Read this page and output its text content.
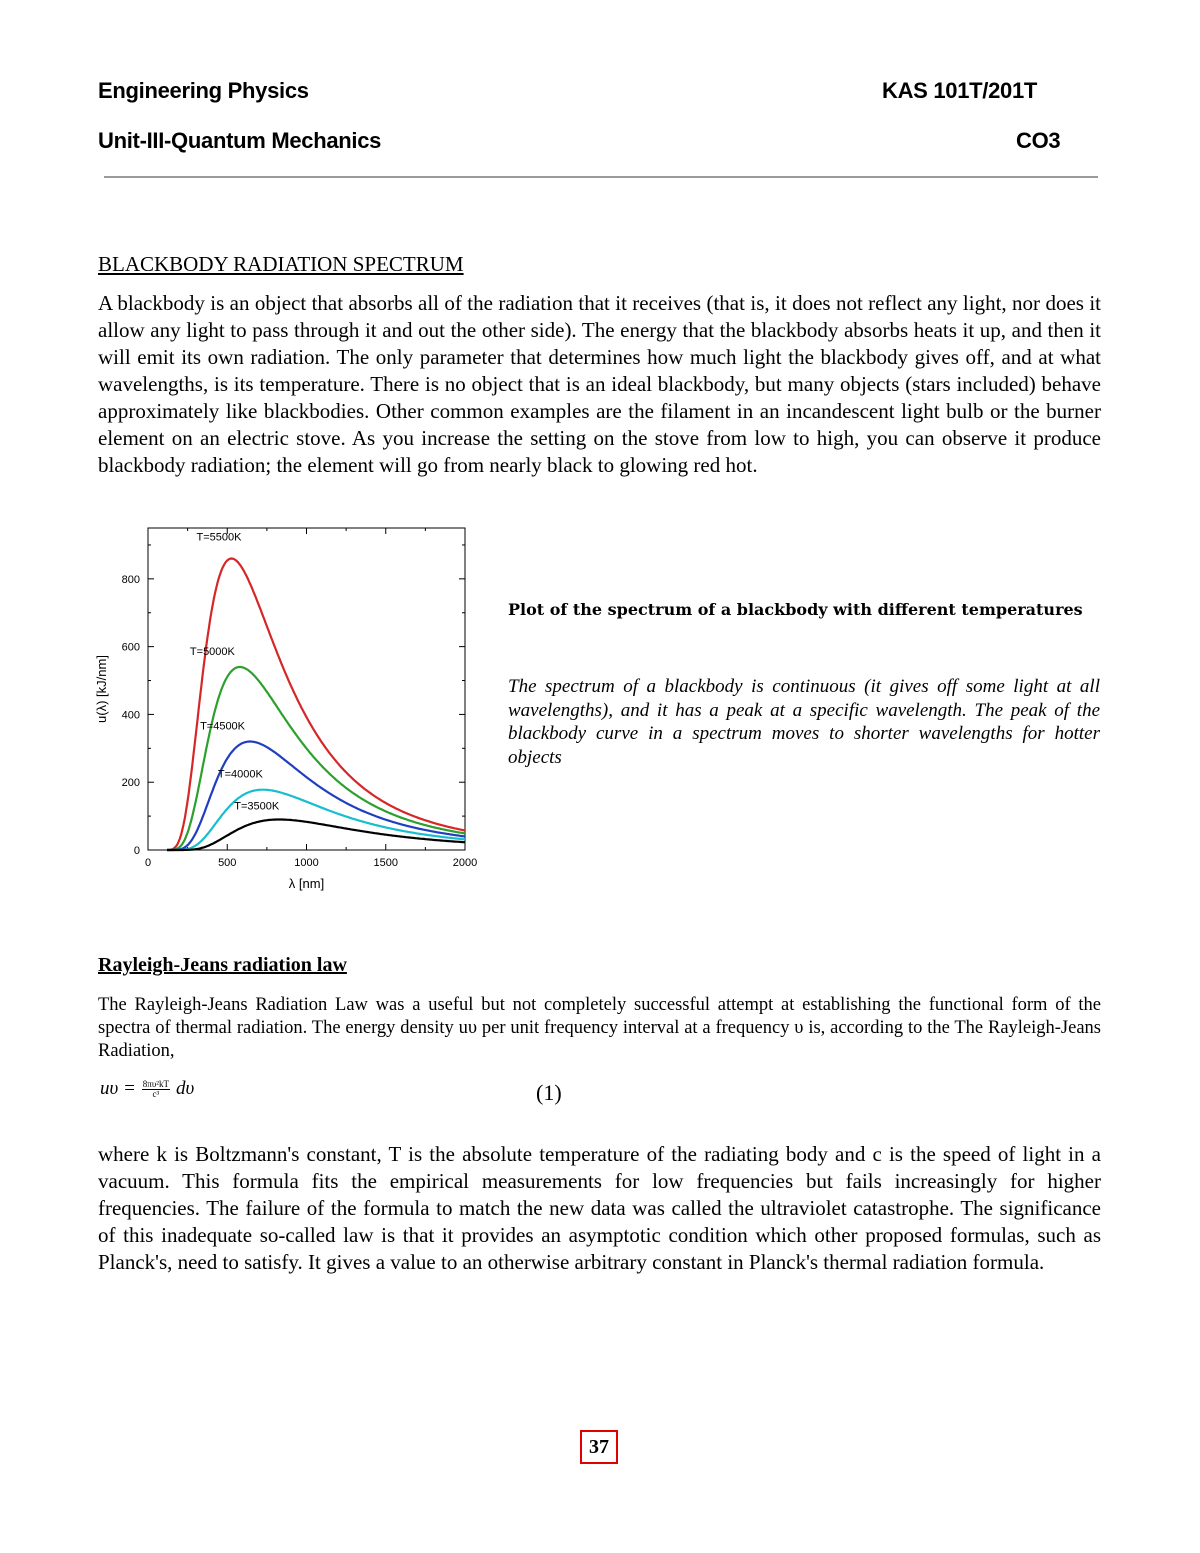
Engineering Physics	KAS 101T/201T
Unit-III-Quantum Mechanics	CO3
BLACKBODY RADIATION SPECTRUM
A blackbody is an object that absorbs all of the radiation that it receives (that is, it does not reflect any light, nor does it allow any light to pass through it and out the other side). The energy that the blackbody absorbs heats it up, and then it will emit its own radiation. The only parameter that determines how much light the blackbody gives off, and at what wavelengths, is its temperature. There is no object that is an ideal blackbody, but many objects (stars included) behave approximately like blackbodies. Other common examples are the filament in an incandescent light bulb or the burner element on an electric stove. As you increase the setting on the stove from low to high, you can observe it produce blackbody radiation; the element will go from nearly black to glowing red hot.
0	500	1000	1500	2000
0
200
400
600
800
λ [nm]
u(λ) [kJ/nm]
T=5500K
T=5000K
T=4500K
T=4000K
T=3500K
Plot of the spectrum of a blackbody with different temperatures
The spectrum of a blackbody is continuous (it gives off some light at all wavelengths), and it has a peak at a specific wavelength. The peak of the blackbody curve in a spectrum moves to shorter wavelengths for hotter objects
Rayleigh-Jeans radiation law
The Rayleigh-Jeans Radiation Law was a useful but not completely successful attempt at establishing the functional form of the spectra of thermal radiation. The energy density uυ per unit frequency interval at a frequency υ is, according to the The Rayleigh-Jeans Radiation,
$u\upsilon = \frac{\text{8πυ²kT}}{\text{c³}}$ dυ	(1)
where k is Boltzmann's constant, T is the absolute temperature of the radiating body and c is the speed of light in a vacuum. This formula fits the empirical measurements for low frequencies but fails increasingly for higher frequencies. The failure of the formula to match the new data was called the ultraviolet catastrophe. The significance of this inadequate so-called law is that it provides an asymptotic condition which other proposed formulas, such as Planck's, need to satisfy. It gives a value to an otherwise arbitrary constant in Planck's thermal radiation formula.
37
